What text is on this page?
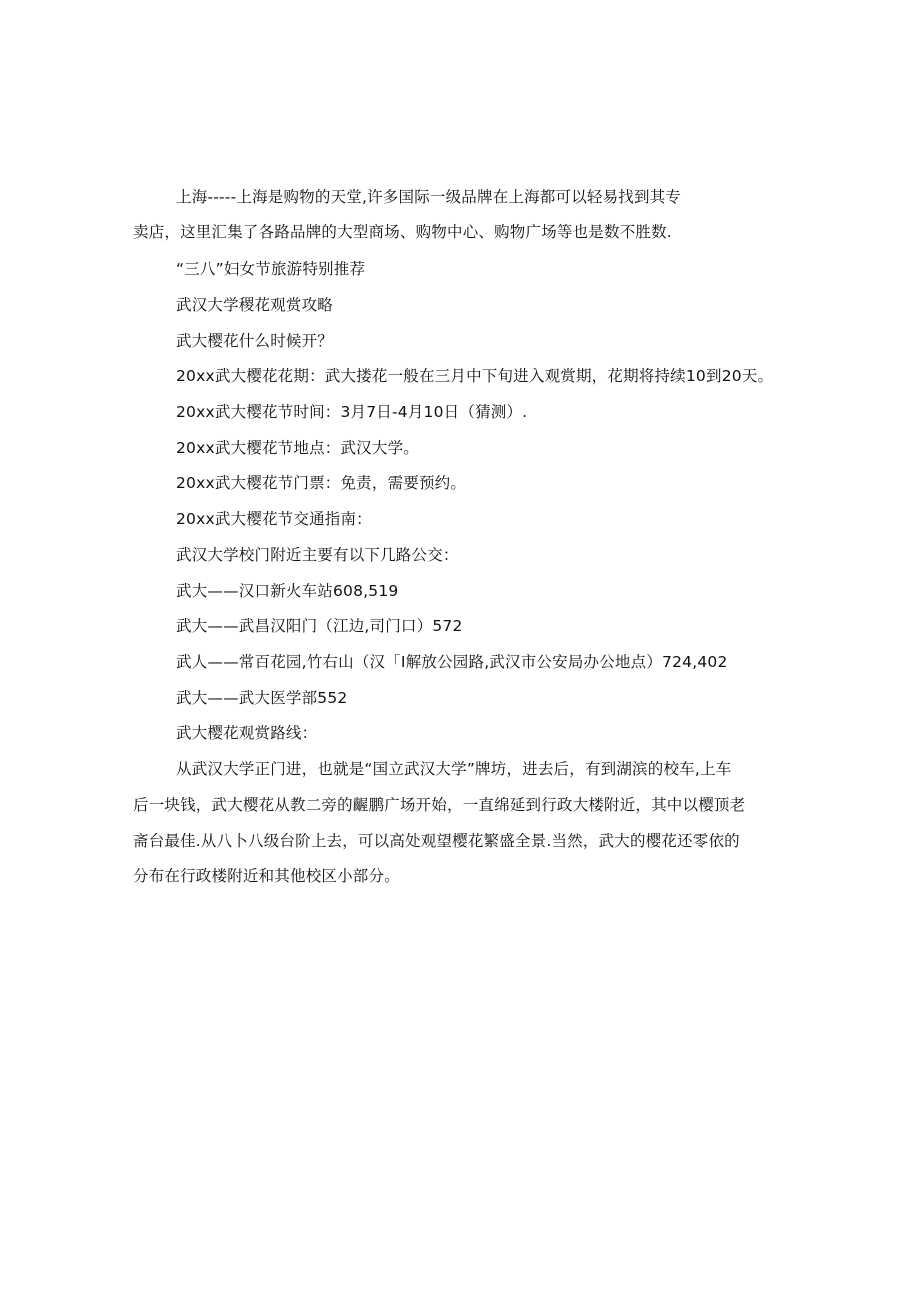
上海-----上海是购物的天堂,许多国际一级品牌在上海都可以轻易找到其专
卖店，这里汇集了各路品牌的大型商场、购物中心、购物广场等也是数不胜数.
“三八”妇女节旅游特别推荐
武汉大学稷花观赏攻略
武大樱花什么时候开？
20xx武大樱花花期：武大搂花一般在三月中下旬进入观赏期，花期将持续10到20天。
20xx武大樱花节时间：3月7日-4月10日（猜测）.
20xx武大樱花节地点：武汉大学。
20xx武大樱花节门票：免责，需要预约。
20xx武大樱花节交通指南：
武汉大学校门附近主要有以下几路公交：
武大——汉口新火车站608,519
武大——武昌汉阳门（江边,司门口）572
武人——常百花园,竹右山（汉「I解放公园路,武汉市公安局办公地点）724,402
武大——武大医学部552
武大樱花观赏路线：
从武汉大学正门进，也就是“国立武汉大学”牌坊，进去后，有到湖滨的校车,上车
后一块钱，武大樱花从教二旁的齷鹏广场开始，一直绵延到行政大楼附近，其中以樱顶老
斋台最佳.从八卜八级台阶上去，可以高处观望樱花繁盛全景.当然，武大的樱花还零依的
分布在行政楼附近和其他校区小部分。
